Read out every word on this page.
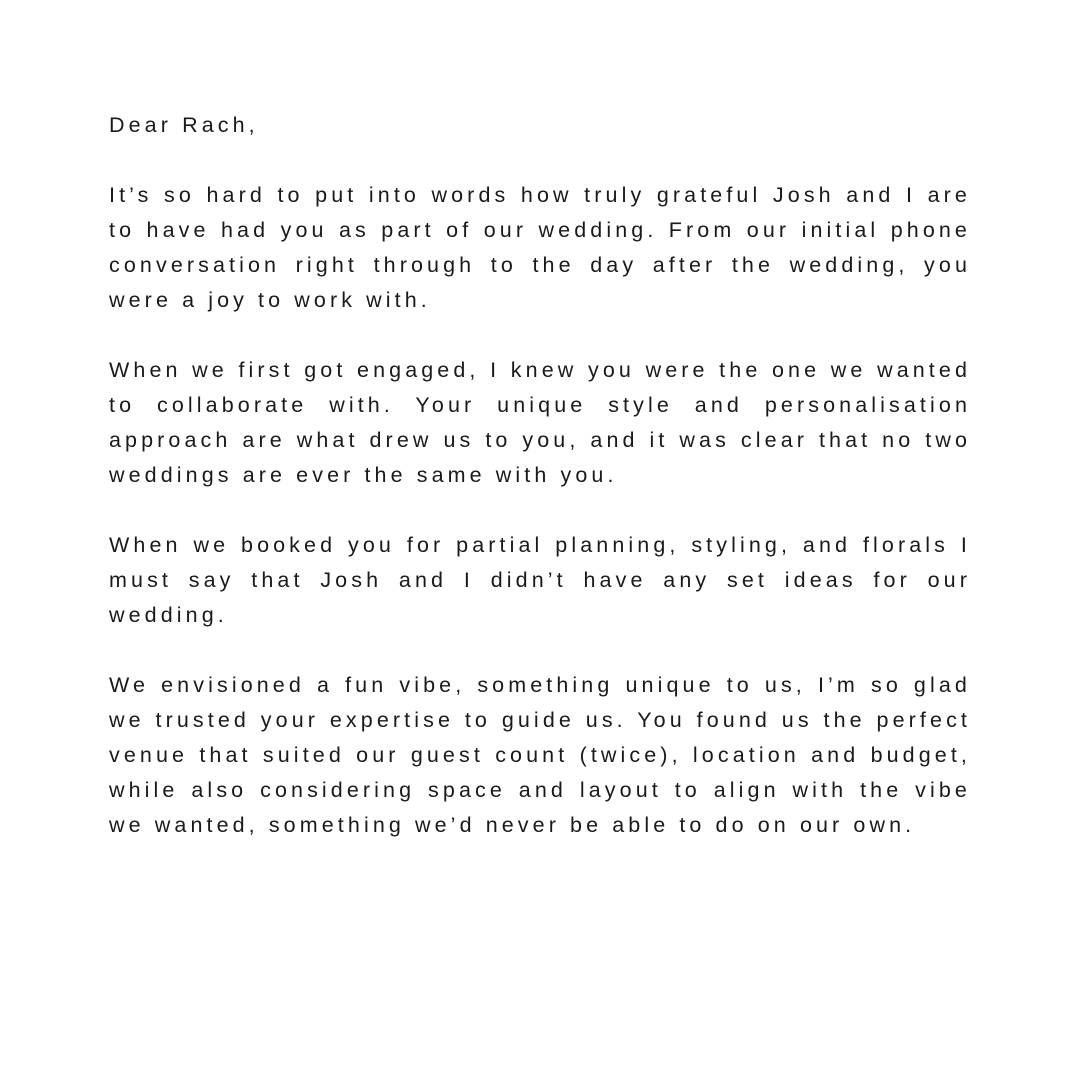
Dear Rach,

It’s so hard to put into words how truly grateful Josh and I are to have had you as part of our wedding. From our initial phone conversation right through to the day after the wedding, you were a joy to work with.

When we first got engaged, I knew you were the one we wanted to collaborate with. Your unique style and personalisation approach are what drew us to you, and it was clear that no two weddings are ever the same with you.

When we booked you for partial planning, styling, and florals I must say that Josh and I didn’t have any set ideas for our wedding.

We envisioned a fun vibe, something unique to us, I’m so glad we trusted your expertise to guide us. You found us the perfect venue that suited our guest count (twice), location and budget, while also considering space and layout to align with the vibe we wanted, something we’d never be able to do on our own.
